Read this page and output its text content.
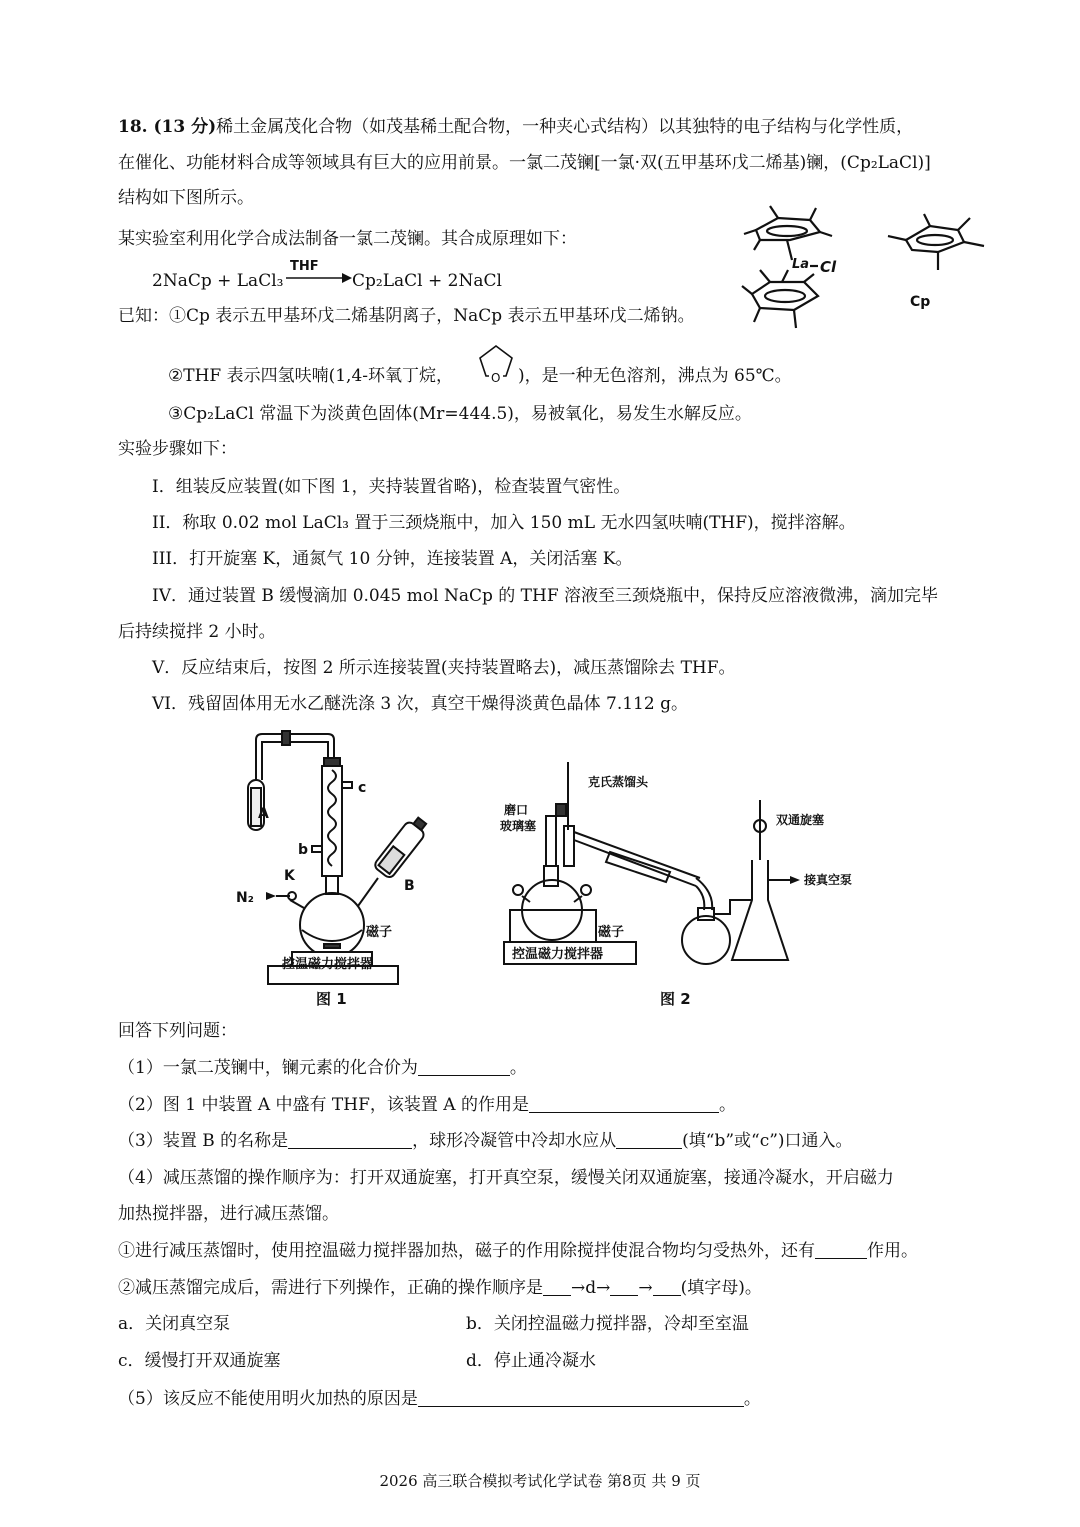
18. (13 分)稀土金属茂化合物（如茂基稀土配合物，一种夹心式结构）以其独特的电子结构与化学性质，
在催化、功能材料合成等领域具有巨大的应用前景。一氯二茂镧[一氯·双(五甲基环戊二烯基)镧，(Cp₂LaCl)]
结构如下图所示。
某实验室利用化学合成法制备一氯二茂镧。其合成原理如下：
2NaCp + LaCl₃
THF
Cp₂LaCl + 2NaCl
已知：①Cp 表示五甲基环戊二烯基阴离子，NaCp 表示五甲基环戊二烯钠。
②THF 表示四氢呋喃(1,4-环氧丁烷，	O )，是一种无色溶剂，沸点为 65℃。
③Cp₂LaCl 常温下为淡黄色固体(Mr=444.5)，易被氧化，易发生水解反应。
La Cl
Cp
实验步骤如下：
I．组装反应装置(如下图 1，夹持装置省略)，检查装置气密性。
II．称取 0.02 mol LaCl₃ 置于三颈烧瓶中，加入 150 mL 无水四氢呋喃(THF)，搅拌溶解。
III．打开旋塞 K，通氮气 10 分钟，连接装置 A，关闭活塞 K。
IV．通过装置 B 缓慢滴加 0.045 mol NaCp 的 THF 溶液至三颈烧瓶中，保持反应溶液微沸，滴加完毕
后持续搅拌 2 小时。
V．反应结束后，按图 2 所示连接装置(夹持装置略去)，减压蒸馏除去 THF。
VI．残留固体用无水乙醚洗涤 3 次，真空干燥得淡黄色晶体 7.112 g。
A
c
b
B
K
N₂
磁子
控温磁力搅拌器
图 1
克氏蒸馏头
磨口
玻璃塞	双通旋塞
接真空泵
磁子
控温磁力搅拌器
图 2
回答下列问题：
（1）一氯二茂镧中，镧元素的化合价为	。
（2）图 1 中装置 A 中盛有 THF，该装置 A 的作用是	。
（3）装置 B 的名称是	，球形冷凝管中冷却水应从	(填“b”或“c”)口通入。
（4）减压蒸馏的操作顺序为：打开双通旋塞，打开真空泵，缓慢关闭双通旋塞，接通冷凝水，开启磁力
加热搅拌器，进行减压蒸馏。
①进行减压蒸馏时，使用控温磁力搅拌器加热，磁子的作用除搅拌使混合物均匀受热外，还有	作用。
②减压蒸馏完成后，需进行下列操作，正确的操作顺序是 →d→ → (填字母)。
a．关闭真空泵	b．关闭控温磁力搅拌器，冷却至室温
c．缓慢打开双通旋塞	d．停止通冷凝水
（5）该反应不能使用明火加热的原因是	。
2026 高三联合模拟考试化学试卷 第8页 共 9 页
